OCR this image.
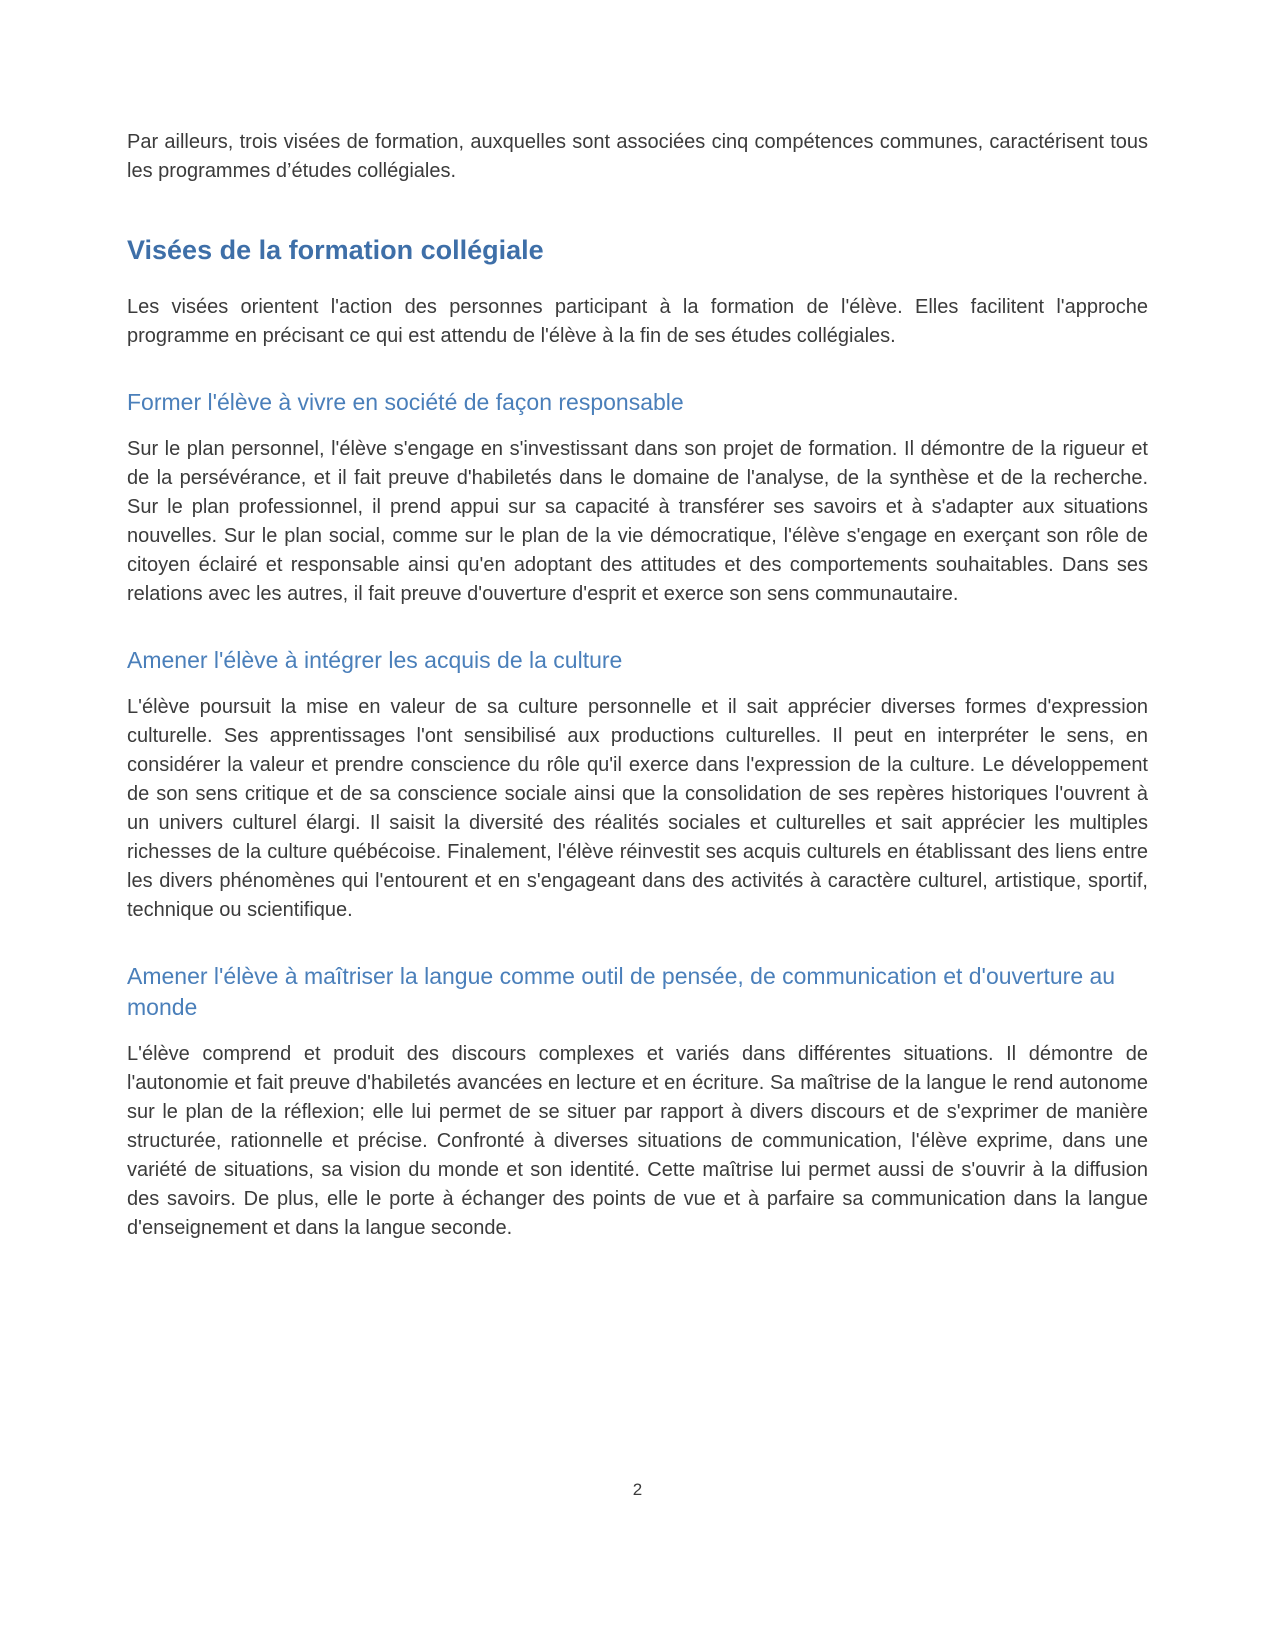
Par ailleurs, trois visées de formation, auxquelles sont associées cinq compétences communes, caractérisent tous les programmes d’études collégiales.

Visées de la formation collégiale

Les visées orientent l'action des personnes participant à la formation de l'élève. Elles facilitent l'approche programme en précisant ce qui est attendu de l'élève à la fin de ses études collégiales.

Former l'élève à vivre en société de façon responsable

Sur le plan personnel, l'élève s'engage en s'investissant dans son projet de formation. Il démontre de la rigueur et de la persévérance, et il fait preuve d'habiletés dans le domaine de l'analyse, de la synthèse et de la recherche. Sur le plan professionnel, il prend appui sur sa capacité à transférer ses savoirs et à s'adapter aux situations nouvelles. Sur le plan social, comme sur le plan de la vie démocratique, l'élève s'engage en exerçant son rôle de citoyen éclairé et responsable ainsi qu'en adoptant des attitudes et des comportements souhaitables. Dans ses relations avec les autres, il fait preuve d'ouverture d'esprit et exerce son sens communautaire.

Amener l'élève à intégrer les acquis de la culture

L'élève poursuit la mise en valeur de sa culture personnelle et il sait apprécier diverses formes d'expression culturelle. Ses apprentissages l'ont sensibilisé aux productions culturelles. Il peut en interpréter le sens, en considérer la valeur et prendre conscience du rôle qu'il exerce dans l'expression de la culture. Le développement de son sens critique et de sa conscience sociale ainsi que la consolidation de ses repères historiques l'ouvrent à un univers culturel élargi. Il saisit la diversité des réalités sociales et culturelles et sait apprécier les multiples richesses de la culture québécoise. Finalement, l'élève réinvestit ses acquis culturels en établissant des liens entre les divers phénomènes qui l'entourent et en s'engageant dans des activités à caractère culturel, artistique, sportif, technique ou scientifique.

Amener l'élève à maîtriser la langue comme outil de pensée, de communication et d'ouverture au monde

L'élève comprend et produit des discours complexes et variés dans différentes situations. Il démontre de l'autonomie et fait preuve d'habiletés avancées en lecture et en écriture. Sa maîtrise de la langue le rend autonome sur le plan de la réflexion; elle lui permet de se situer par rapport à divers discours et de s'exprimer de manière structurée, rationnelle et précise. Confronté à diverses situations de communication, l'élève exprime, dans une variété de situations, sa vision du monde et son identité. Cette maîtrise lui permet aussi de s'ouvrir à la diffusion des savoirs. De plus, elle le porte à échanger des points de vue et à parfaire sa communication dans la langue d'enseignement et dans la langue seconde.

2
